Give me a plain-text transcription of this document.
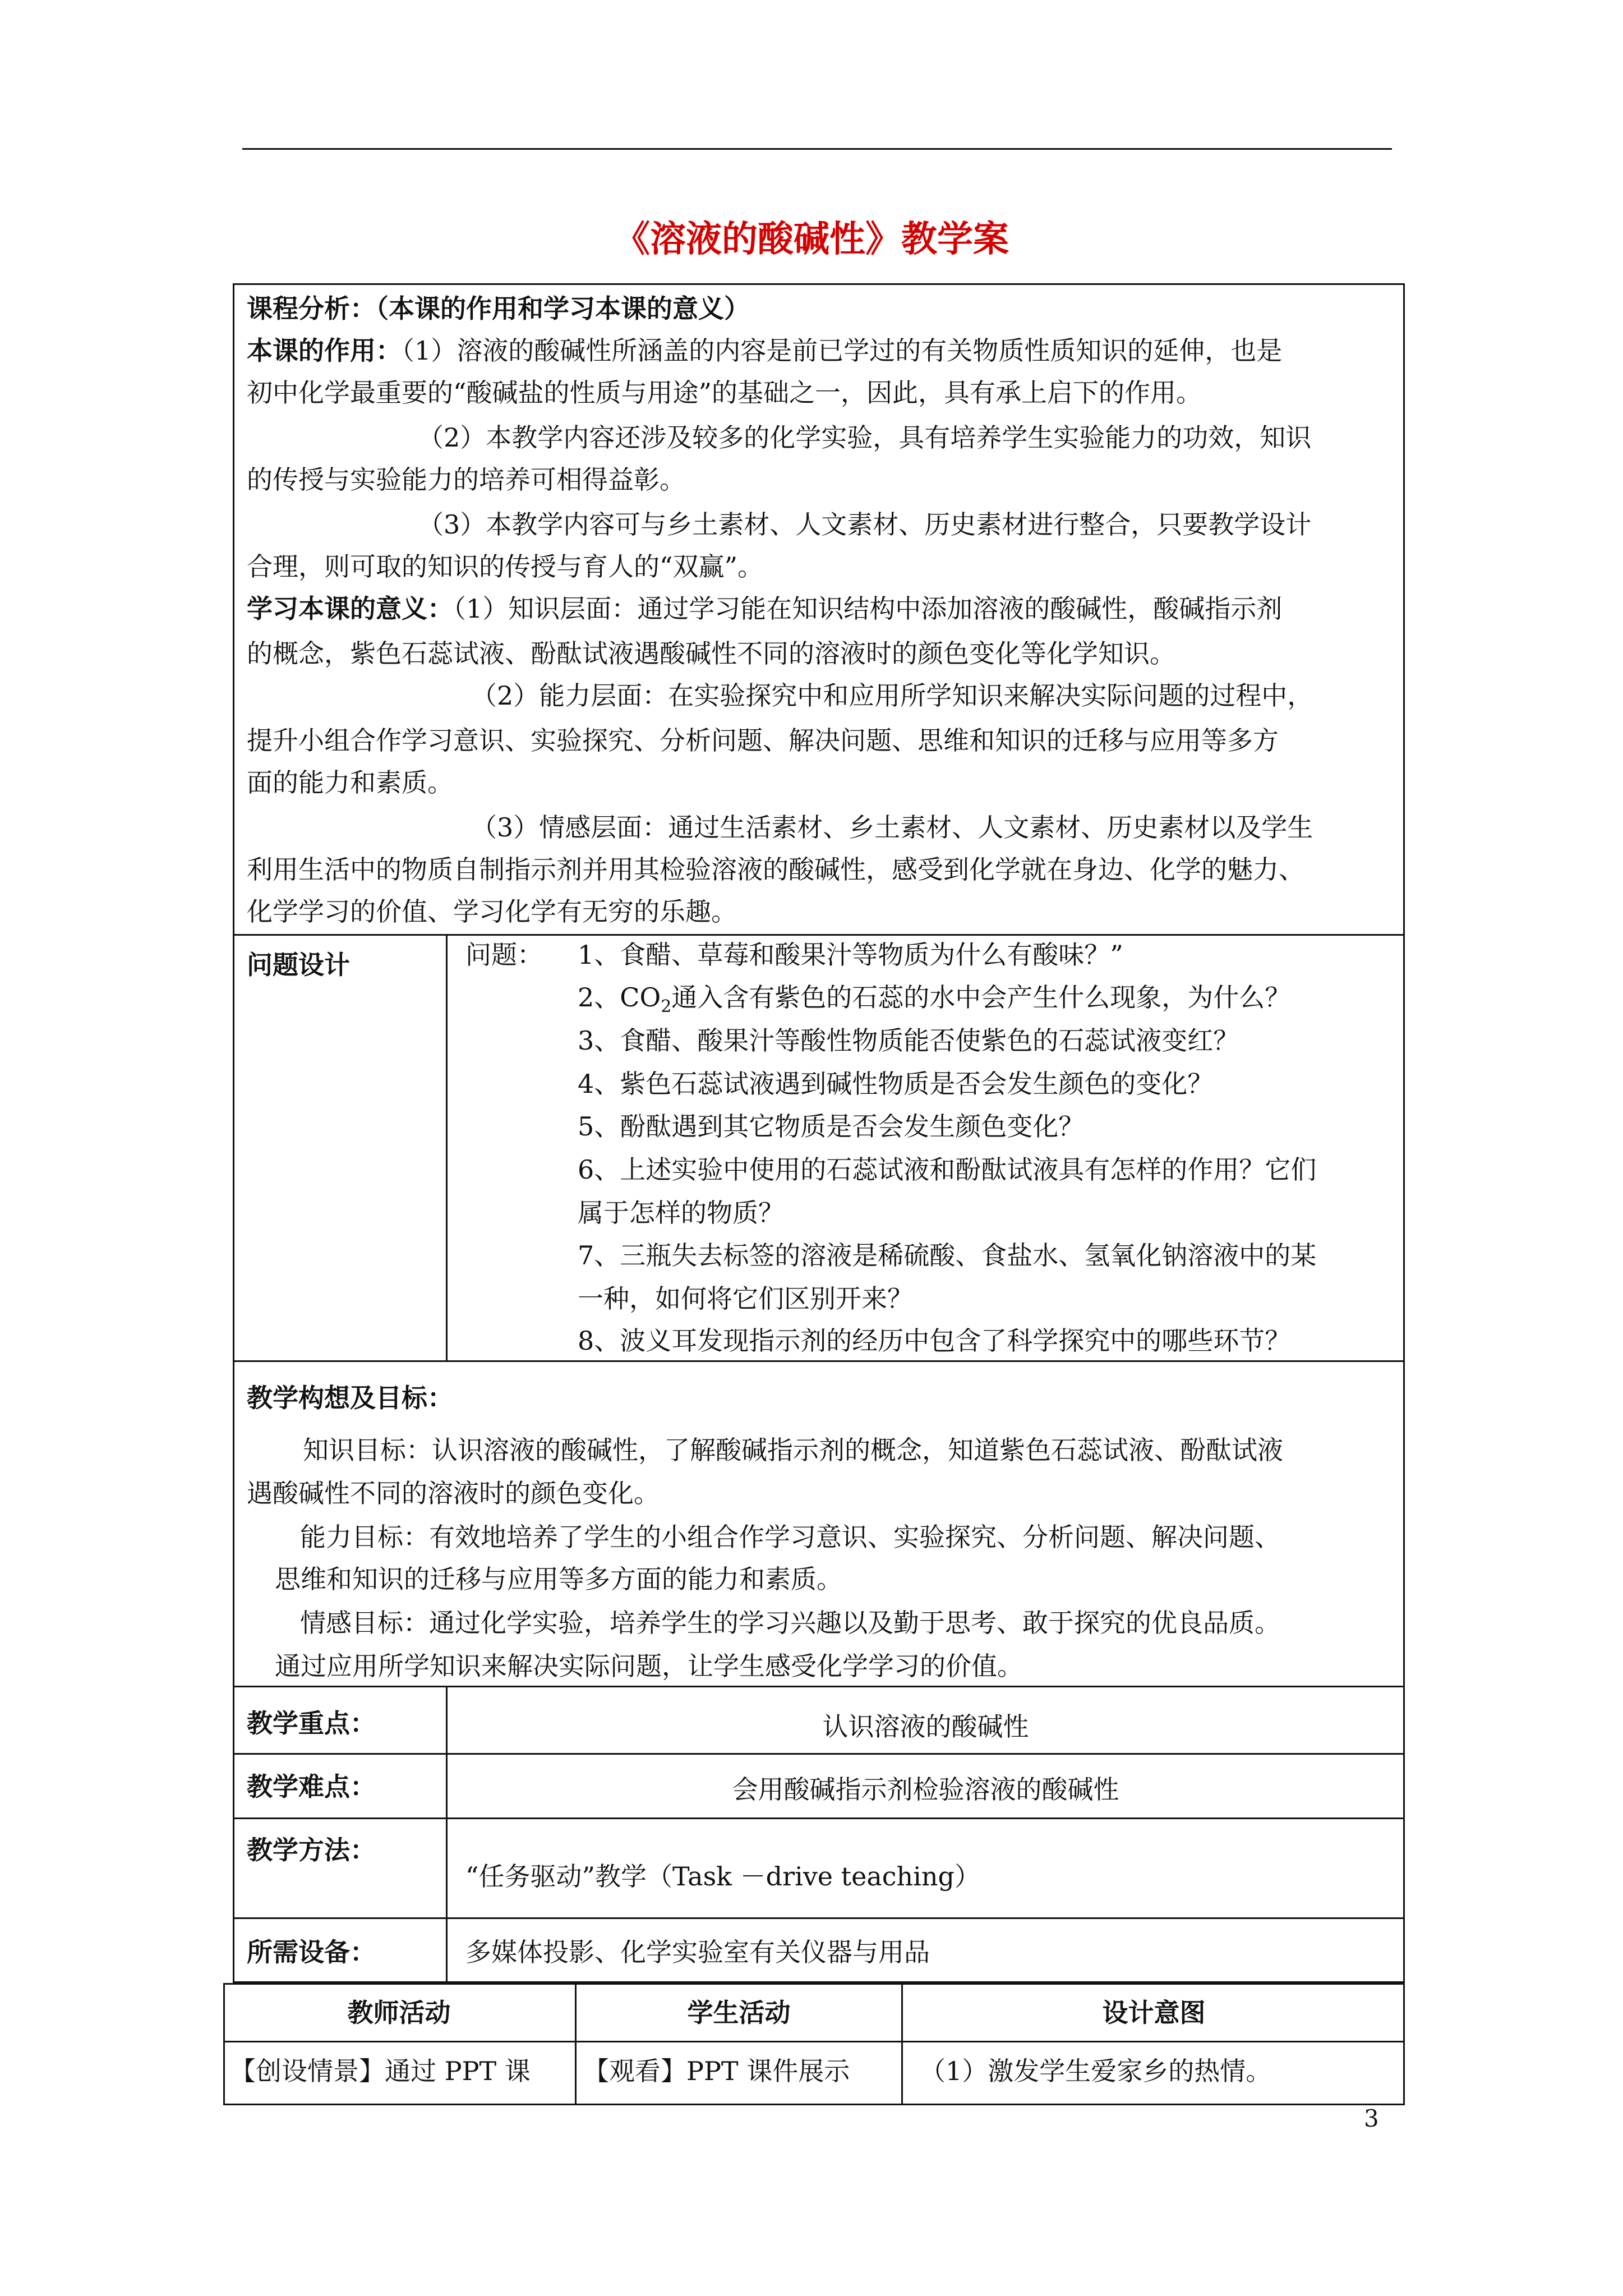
《溶液的酸碱性》教学案
课程分析：（本课的作用和学习本课的意义）
本课的作用：（1）溶液的酸碱性所涵盖的内容是前已学过的有关物质性质知识的延伸，也是
初中化学最重要的“酸碱盐的性质与用途”的基础之一，因此，具有承上启下的作用。
（2）本教学内容还涉及较多的化学实验，具有培养学生实验能力的功效，知识
的传授与实验能力的培养可相得益彰。
（3）本教学内容可与乡土素材、人文素材、历史素材进行整合，只要教学设计
合理，则可取的知识的传授与育人的“双赢”。
学习本课的意义：（1）知识层面：通过学习能在知识结构中添加溶液的酸碱性，酸碱指示剂
的概念，紫色石蕊试液、酚酞试液遇酸碱性不同的溶液时的颜色变化等化学知识。
（2）能力层面：在实验探究中和应用所学知识来解决实际问题的过程中，
提升小组合作学习意识、实验探究、分析问题、解决问题、思维和知识的迁移与应用等多方
面的能力和素质。
（3）情感层面：通过生活素材、乡土素材、人文素材、历史素材以及学生
利用生活中的物质自制指示剂并用其检验溶液的酸碱性，感受到化学就在身边、化学的魅力、
化学学习的价值、学习化学有无穷的乐趣。
问题设计	问题： 1、食醋、草莓和酸果汁等物质为什么有酸味？”
2、$CO_2$通入含有紫色的石蕊的水中会产生什么现象，为什么？
3、食醋、酸果汁等酸性物质能否使紫色的石蕊试液变红？
4、紫色石蕊试液遇到碱性物质是否会发生颜色的变化？
5、酚酞遇到其它物质是否会发生颜色变化？
6、上述实验中使用的石蕊试液和酚酞试液具有怎样的作用？它们
属于怎样的物质？
7、三瓶失去标签的溶液是稀硫酸、食盐水、氢氧化钠溶液中的某
一种，如何将它们区别开来？
8、波义耳发现指示剂的经历中包含了科学探究中的哪些环节？
教学构想及目标：
知识目标：认识溶液的酸碱性，了解酸碱指示剂的概念，知道紫色石蕊试液、酚酞试液
遇酸碱性不同的溶液时的颜色变化。
能力目标：有效地培养了学生的小组合作学习意识、实验探究、分析问题、解决问题、
思维和知识的迁移与应用等多方面的能力和素质。
情感目标：通过化学实验，培养学生的学习兴趣以及勤于思考、敢于探究的优良品质。
通过应用所学知识来解决实际问题，让学生感受化学学习的价值。
教学重点：	认识溶液的酸碱性
教学难点：	会用酸碱指示剂检验溶液的酸碱性
教学方法：
“任务驱动”教学（Task －drive teaching）
所需设备：	多媒体投影、化学实验室有关仪器与用品
教师活动	学生活动	设计意图
【创设情景】通过 PPT 课 【观看】PPT 课件展示	（1）激发学生爱家乡的热情。
3
